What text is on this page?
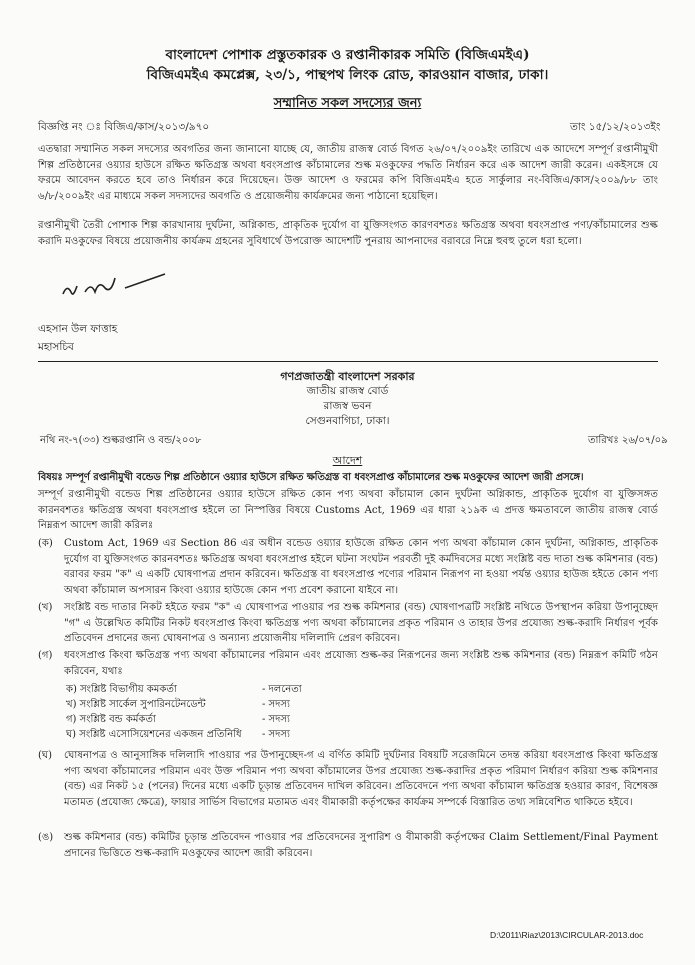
বাংলাদেশ পোশাক প্রস্তুতকারক ও রপ্তানীকারক সমিতি (বিজিএমইএ)
বিজিএমইএ কমপ্লেক্স, ২৩/১, পান্থপথ লিংক রোড, কারওয়ান বাজার, ঢাকা।
সম্মানিত সকল সদস্যের জন্য
বিজ্ঞপ্তি নং ঃ বিজিএ/কাস/২০১৩/৯৭০	তাং ১৫/১২/২০১৩ইং
এতদ্বারা সম্মানিত সকল সদস্যের অবগতির জন্য জানানো যাচ্ছে যে, জাতীয় রাজস্ব বোর্ড বিগত ২৬/০৭/২০০৯ইং তারিখে এক আদেশে সম্পূর্ণ রপ্তানীমুখী শিল্প প্রতিষ্ঠানের ওয়্যার হাউসে রক্ষিত ক্ষতিগ্রস্ত অথবা ধবংসপ্রাপ্ত কাঁচামালের শুল্ক মওকুফের পদ্ধতি নির্ধারন করে এক আদেশ জারী করেন। একইসঙ্গে যে ফরমে আবেদন করতে হবে তাও নির্ধারন করে দিয়েছেন। উক্ত আদেশ ও ফরমের কপি বিজিএমইএ হতে সার্কুলার নং-বিজিএ/কাস/২০০৯/৮৮ তাং ৬/৮/২০০৯ইং এর মাধ্যমে সকল সদস্যদের অবগতি ও প্রয়োজনীয় কার্যক্রমের জন্য পাঠানো হয়েছিল।
রপ্তানীমুখী তৈরী পোশাক শিল্প কারখানায় দুর্ঘটনা, অগ্নিকান্ড, প্রাকৃতিক দুর্যোগ বা যুক্তিসংগত কারণবশতঃ ক্ষতিগ্রস্ত অথবা ধবংসপ্রাপ্ত পণ্য/কাঁচামালের শুল্ক করাদি মওকুফের বিষয়ে প্রয়োজনীয় কার্যক্রম গ্রহনের সুবিধার্থে উপরোক্ত আদেশটি পুনরায় আপনাদের বরাবরে নিম্নে হুবহু তুলে ধরা হলো।
এহসান উল ফাত্তাহ
মহাসচিব
গণপ্রজাতন্ত্রী বাংলাদেশ সরকার
জাতীয় রাজস্ব বোর্ড
রাজস্ব ভবন
সেগুনবাগিচা, ঢাকা।
নথি নং-৭(৩৩) শুল্করপ্তানি ও বন্ড/২০০৮	তারিখঃ ২৬/০৭/০৯
আদেশ
বিষয়ঃ সম্পূর্ণ রপ্তানীমুখী বন্ডেড শিল্প প্রতিষ্ঠানে ওয়্যার হাউসে রক্ষিত ক্ষতিগ্রস্ত বা ধবংসপ্রাপ্ত কাঁচামালের শুল্ক মওকুফের আদেশ জারী প্রসঙ্গে।
সম্পূর্ণ রপ্তানীমুখী বন্ডেড শিল্প প্রতিষ্ঠানের ওয়্যার হাউসে রক্ষিত কোন পণ্য অথবা কাঁচামাল কোন দুর্ঘটনা অগ্নিকান্ড, প্রাকৃতিক দুর্যোগ বা যুক্তিসঙ্গত কারনবশতঃ ক্ষতিগ্রস্ত অথবা ধবংসপ্রাপ্ত হইলে তা নিস্পত্তির বিষয়ে Customs Act, 1969 এর ধারা ২১৯ক এ প্রদত্ত ক্ষমতাবলে জাতীয় রাজস্ব বোর্ড নিম্নরূপ আদেশ জারী করিলঃ
(ক) Custom Act, 1969 এর Section 86 এর অধীন বন্ডেড ওয়্যার হাউজে রক্ষিত কোন পণ্য অথবা কাঁচামাল কোন দুর্ঘটনা, অগ্নিকান্ড, প্রাকৃতিক দুর্যোগ বা যুক্তিসংগত কারনবশতঃ ক্ষতিগ্রস্ত অথবা ধবংসপ্রাপ্ত হইলে ঘটনা সংঘটন পরবর্তী দুই কর্মদিবসের মধ্যে সংশ্লিষ্ট বন্ড দাতা শুল্ক কমিশনার (বন্ড) বরাবর ফরম "ক" এ একটি ঘোষণাপত্র প্রদান করিবেন। ক্ষতিগ্রস্ত বা ধবংসপ্রাপ্ত পণ্যের পরিমান নিরূপণ না হওয়া পর্যন্ত ওয়্যার হাউজ হইতে কোন পণ্য অথবা কাঁচামাল অপসারন কিংবা ওয়্যার হাউজে কোন পণ্য প্রবেশ করানো যাইবে না।
(খ) সংশ্লিষ্ট বন্ড দাতার নিকট হইতে ফরম "ক" এ ঘোষণাপত্র পাওয়ার পর শুল্ক কমিশনার (বন্ড) ঘোষণাপত্রটি সংশ্লিষ্ট নথিতে উপস্থাপন করিয়া উপানুচ্ছেদ "গ" এ উল্লেখিত কমিটির নিকট ধবংসপ্রাপ্ত কিংবা ক্ষতিগ্রস্ত পণ্য অথবা কাঁচামালের প্রকৃত পরিমান ও তাহার উপর প্রযোজ্য শুল্ক-করাদি নির্ধারণ পূর্বক প্রতিবেদন প্রদানের জন্য ঘোষনাপত্র ও অন্যান্য প্রয়োজনীয় দলিলাদি প্রেরণ করিবেন।
(গ) ধবংসপ্রাপ্ত কিংবা ক্ষতিগ্রস্ত পণ্য অথবা কাঁচামালের পরিমান এবং প্রযোজ্য শুল্ক-কর নিরূপনের জন্য সংশ্লিষ্ট শুল্ক কমিশনার (বন্ড) নিম্নরূপ কমিটি গঠন করিবেন, যথাঃ
ক) সংশ্লিষ্ট বিভাগীয় কমকর্তা	- দলনেতা
খ) সংশ্লিষ্ট সার্কেল সুপারিনটেনডেন্ট	- সদস্য
গ) সংশ্লিষ্ট বন্ড কর্মকর্তা	- সদস্য
ঘ) সংশ্লিষ্ট এসোসিয়েশনের একজন প্রতিনিধি - সদস্য
(ঘ) ঘোষনাপত্র ও আনুসাঙ্গিক দলিলাদি পাওয়ার পর উপানুচ্ছেদ-গ এ বর্ণিত কমিটি দুর্ঘটনার বিষয়টি সরেজমিনে তদন্ত করিয়া ধবংসপ্রাপ্ত কিংবা ক্ষতিগ্রস্ত পণ্য অথবা কাঁচামালের পরিমান এবং উক্ত পরিমান পণ্য অথবা কাঁচামালের উপর প্রযোজ্য শুল্ক-করাদির প্রকৃত পরিমাণ নির্ধারণ করিয়া শুল্ক কমিশনার (বন্ড) এর নিকট ১৫ (পনের) দিনের মধ্যে একটি চূড়ান্ত প্রতিবেদন দাখিল করিবেন। প্রতিবেদনে পণ্য অথবা কাঁচামাল ক্ষতিগ্রস্ত হওয়ার কারণ, বিশেষজ্ঞ মতামত (প্রযোজ্য ক্ষেত্রে), ফায়ার সার্ভিস বিভাগের মতামত এবং বীমাকারী কর্তৃপক্ষের কার্যক্রম সম্পর্কে বিস্তারিত তথ্য সন্নিবেশিত থাকিতে হইবে।
(ঙ) শুল্ক কমিশনার (বন্ড) কমিটির চূড়ান্ত প্রতিবেদন পাওয়ার পর প্রতিবেদনের সুপারিশ ও বীমাকারী কর্তৃপক্ষের Claim Settlement/Final Payment প্রদানের ভিত্তিতে শুল্ক-করাদি মওকুফের আদেশ জারী করিবেন।
D:\2011\Riaz\2013\CIRCULAR-2013.doc
